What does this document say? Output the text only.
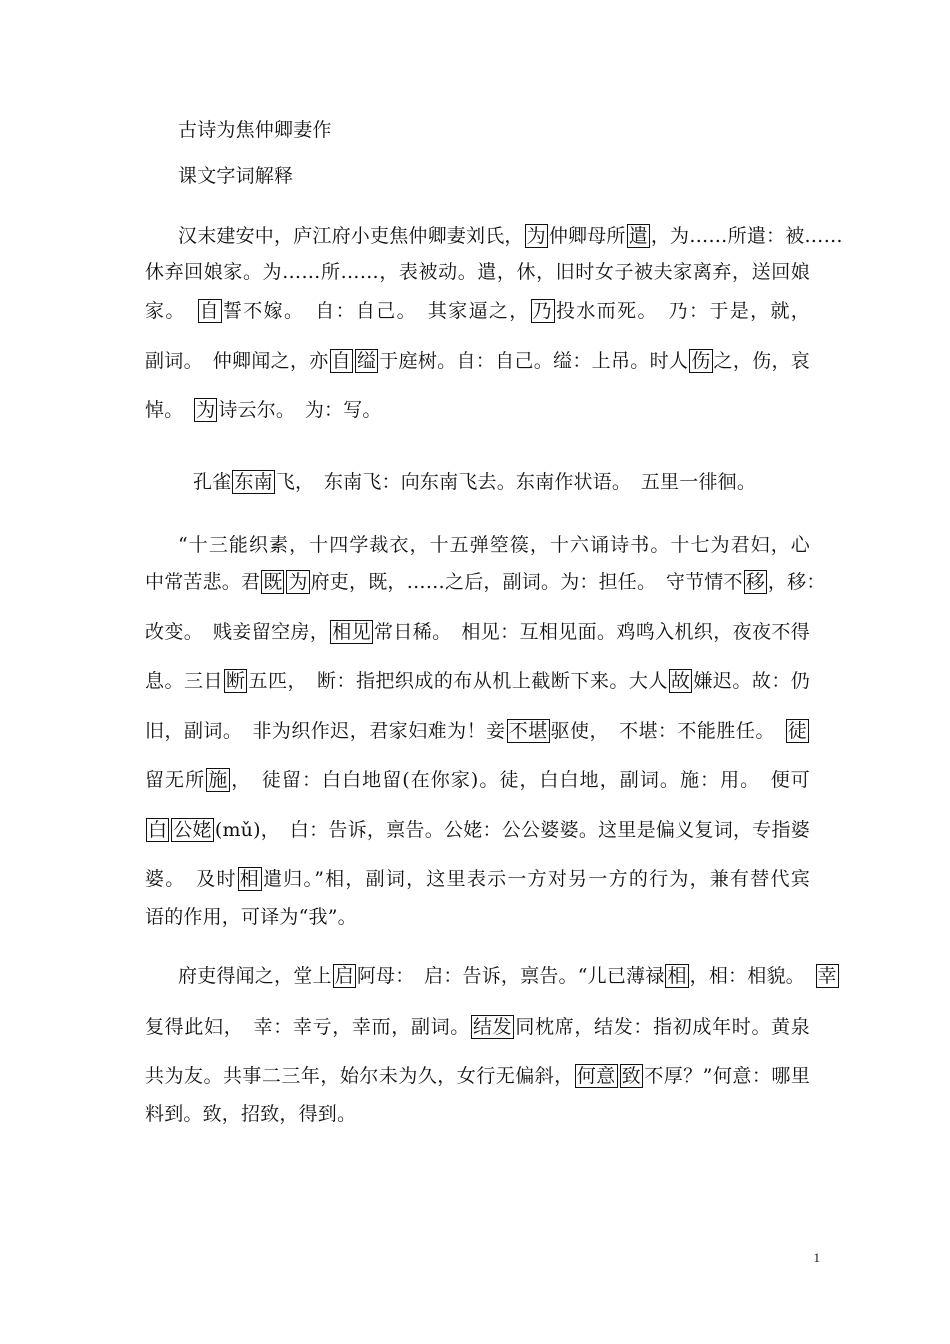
古诗为焦仲卿妻作
课文字词解释
汉末建安中，庐江府小吏焦仲卿妻刘氏， 为 仲卿母所 遣 ，为……所遣：被……
休弃回娘家。为……所……，表被动。遣，休，旧时女子被夫家离弃，送回娘
家。　自 誓不嫁。　自：自己。　其家逼之， 乃 投水而死。　乃：于是，就，
副词。　仲卿闻之，亦 自 缢 于庭树。自：自己。缢：上吊。时人 伤 之，伤，哀
悼。　为 诗云尔。　为：写。
孔雀 东南 飞，　东南飞：向东南飞去。东南作状语。　五里一徘徊。
“十三能织素，十四学裁衣，十五弹箜篌，十六诵诗书。十七为君妇，心
中常苦悲。君 既 为 府吏，既，……之后，副词。为：担任。　守节情不 移 ，移：
改变。　贱妾留空房， 相见 常日稀。　相见：互相见面。鸡鸣入机织，夜夜不得
息。三日 断 五匹，　断：指把织成的布从机上截断下来。大人 故 嫌迟。故：仍
旧，副词。　非为织作迟，君家妇难为！妾 不堪 驱使，　不堪：不能胜任。　徒
留无所 施 ，　徒留：白白地留(在你家)。徒，白白地，副词。施：用。　便可
白 公姥 (mǔ)，　白：告诉，禀告。公姥：公公婆婆。这里是偏义复词，专指婆
婆。　及时 相 遣归。”相，副词，这里表示一方对另一方的行为，兼有替代宾
语的作用，可译为“我”。
府吏得闻之，堂上 启 阿母：　启：告诉，禀告。“儿已薄禄 相 ，相：相貌。　幸
复得此妇，　幸：幸亏，幸而，副词。 结发 同枕席，结发：指初成年时。黄泉
共为友。共事二三年，始尔未为久，女行无偏斜， 何意 致 不厚？”何意：哪里
料到。致，招致，得到。
1
